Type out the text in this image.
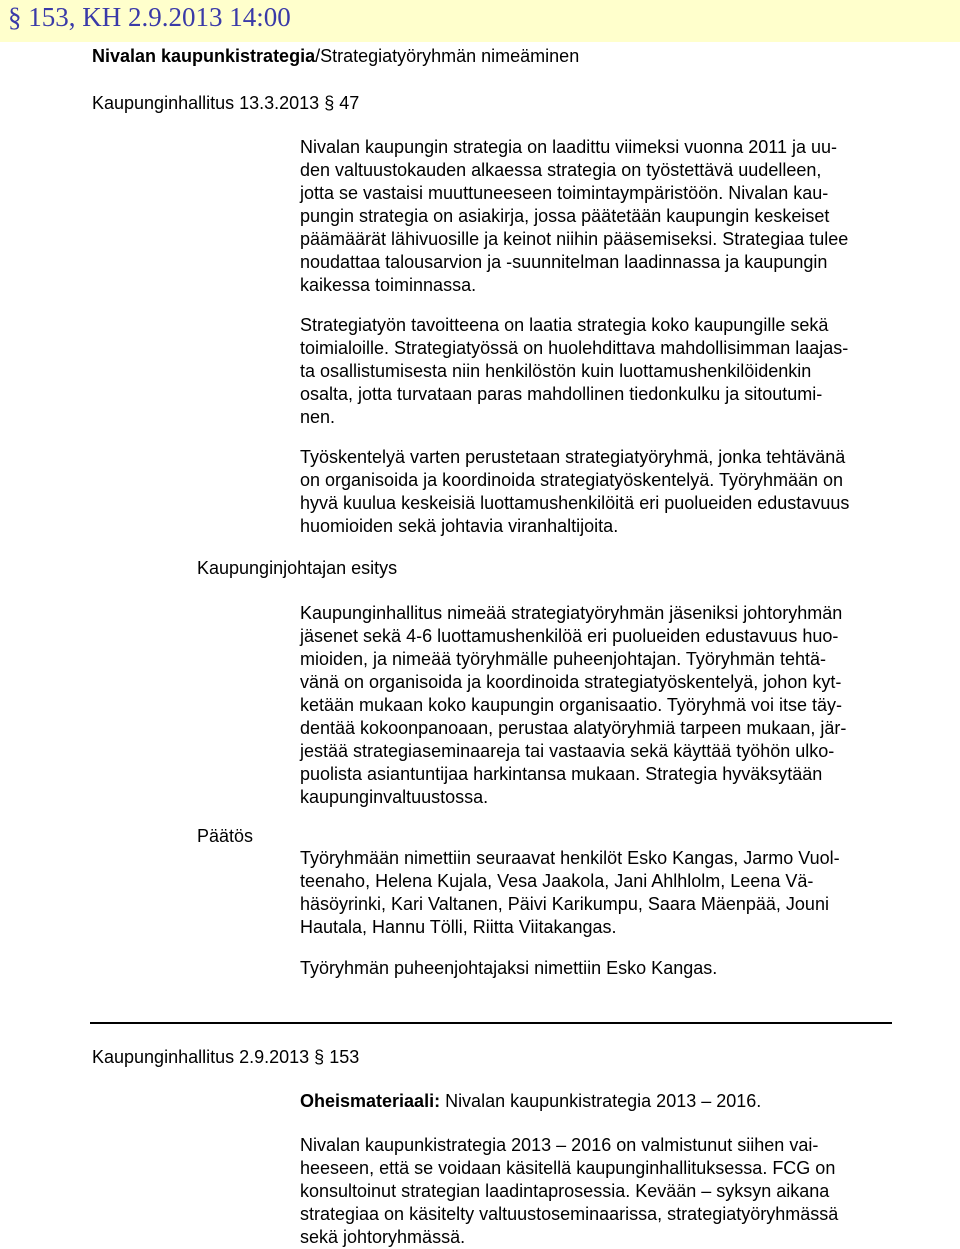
§ 153, KH 2.9.2013 14:00
Nivalan kaupunkistrategia/Strategiatyöryhmän nimeäminen
Kaupunginhallitus 13.3.2013 § 47
Nivalan kaupungin strategia on laadittu viimeksi vuonna 2011 ja uu-
den valtuustokauden alkaessa strategia on työstettävä uudelleen,
jotta se vastaisi muuttuneeseen toimintaympäristöön. Nivalan kau-
pungin strategia on asiakirja, jossa päätetään kaupungin keskeiset
päämäärät lähivuosille ja keinot niihin pääsemiseksi. Strategiaa tulee
noudattaa talousarvion ja -suunnitelman laadinnassa ja kaupungin
kaikessa toiminnassa.
Strategiatyön tavoitteena on laatia strategia koko kaupungille sekä
toimialoille. Strategiatyössä on huolehdittava mahdollisimman laajas-
ta osallistumisesta niin henkilöstön kuin luottamushenkilöidenkin
osalta, jotta turvataan paras mahdollinen tiedonkulku ja sitoutumi-
nen.
Työskentelyä varten perustetaan strategiatyöryhmä, jonka tehtävänä
on organisoida ja koordinoida strategiatyöskentelyä. Työryhmään on
hyvä kuulua keskeisiä luottamushenkilöitä eri puolueiden edustavuus
huomioiden sekä johtavia viranhaltijoita.
Kaupunginjohtajan esitys
Kaupunginhallitus nimeää strategiatyöryhmän jäseniksi johtoryhmän
jäsenet sekä 4-6 luottamushenkilöä eri puolueiden edustavuus huo-
mioiden, ja nimeää työryhmälle puheenjohtajan. Työryhmän tehtä-
vänä on organisoida ja koordinoida strategiatyöskentelyä, johon kyt-
ketään mukaan koko kaupungin organisaatio. Työryhmä voi itse täy-
dentää kokoonpanoaan, perustaa alatyöryhmiä tarpeen mukaan, jär-
jestää strategiaseminaareja tai vastaavia sekä käyttää työhön ulko-
puolista asiantuntijaa harkintansa mukaan. Strategia hyväksytään
kaupunginvaltuustossa.
Päätös
Työryhmään nimettiin seuraavat henkilöt Esko Kangas, Jarmo Vuol-
teenaho, Helena Kujala, Vesa Jaakola, Jani Ahlhlolm, Leena Vä-
häsöyrinki, Kari Valtanen, Päivi Karikumpu, Saara Mäenpää, Jouni
Hautala, Hannu Tölli, Riitta Viitakangas.
Työryhmän puheenjohtajaksi nimettiin Esko Kangas.
Kaupunginhallitus 2.9.2013 § 153
Oheismateriaali: Nivalan kaupunkistrategia 2013 – 2016.
Nivalan kaupunkistrategia 2013 – 2016 on valmistunut siihen vai-
heeseen, että se voidaan käsitellä kaupunginhallituksessa. FCG on
konsultoinut strategian laadintaprosessia. Kevään – syksyn aikana
strategiaa on käsitelty valtuustoseminaarissa, strategiatyöryhmässä
sekä johtoryhmässä.
